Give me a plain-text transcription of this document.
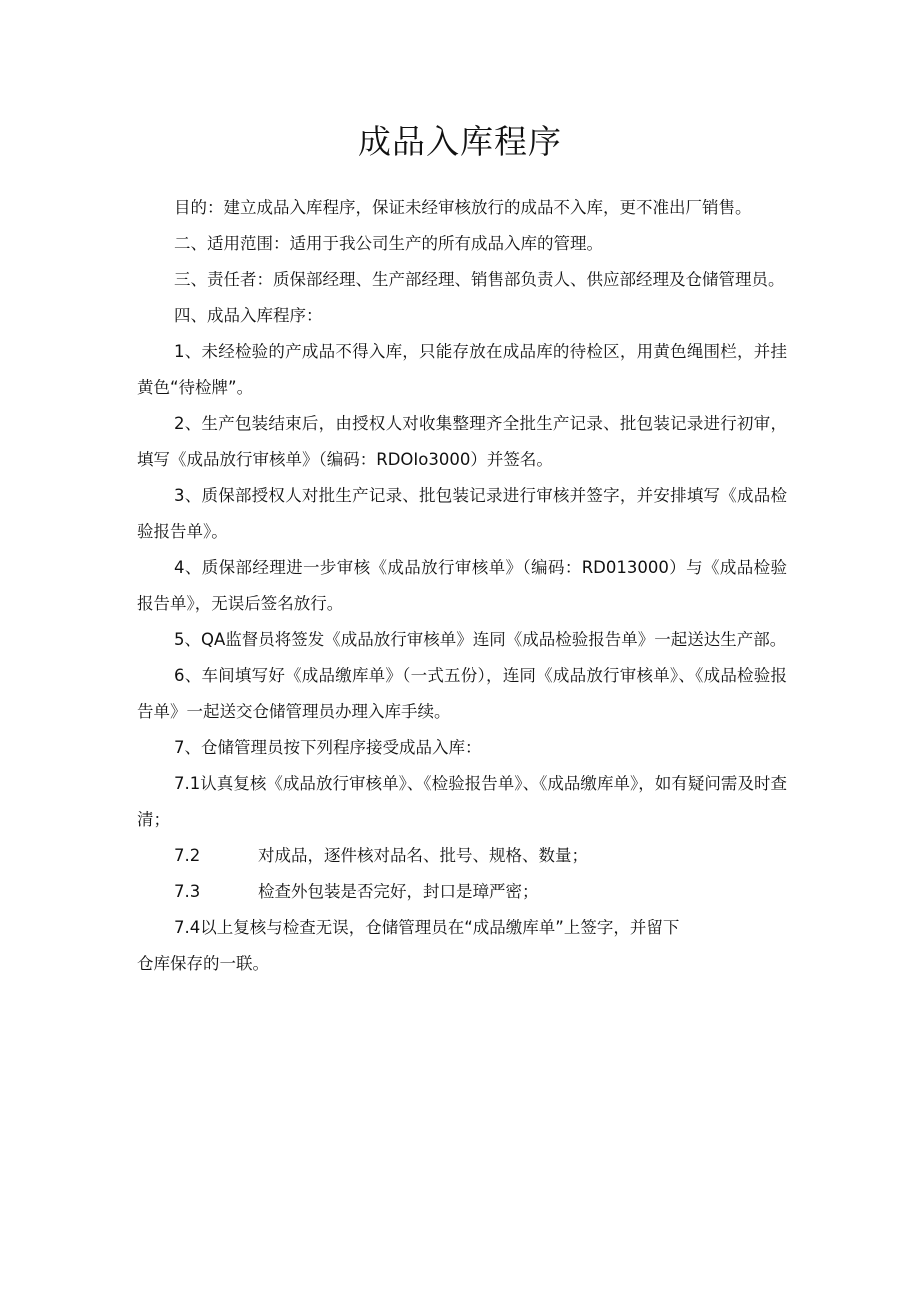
成品入库程序

目的：建立成品入库程序，保证未经审核放行的成品不入库，更不准出厂销售。

二、适用范围：适用于我公司生产的所有成品入库的管理。

三、责任者：质保部经理、生产部经理、销售部负责人、供应部经理及仓储管理员。

四、成品入库程序：

1、未经检验的产成品不得入库，只能存放在成品库的待检区，用黄色绳围栏，并挂黄色“待检牌”。

2、生产包装结束后，由授权人对收集整理齐全批生产记录、批包装记录进行初审，填写《成品放行审核单》（编码：RDOIo3000）并签名。

3、质保部授权人对批生产记录、批包装记录进行审核并签字，并安排填写《成品检验报告单》。

4、质保部经理进一步审核《成品放行审核单》（编码：RD013000）与《成品检验报告单》，无误后签名放行。

5、QA监督员将签发《成品放行审核单》连同《成品检验报告单》一起送达生产部。

6、车间填写好《成品缴库单》（一式五份），连同《成品放行审核单》、《成品检验报告单》一起送交仓储管理员办理入库手续。

7、仓储管理员按下列程序接受成品入库：

7.1认真复核《成品放行审核单》、《检验报告单》、《成品缴库单》，如有疑问需及时查清；

7.2	对成品，逐件核对品名、批号、规格、数量；

7.3	检查外包装是否完好，封口是璋严密；

7.4以上复核与检查无误，仓储管理员在“成品缴库单”上签字，并留下

仓库保存的一联。
